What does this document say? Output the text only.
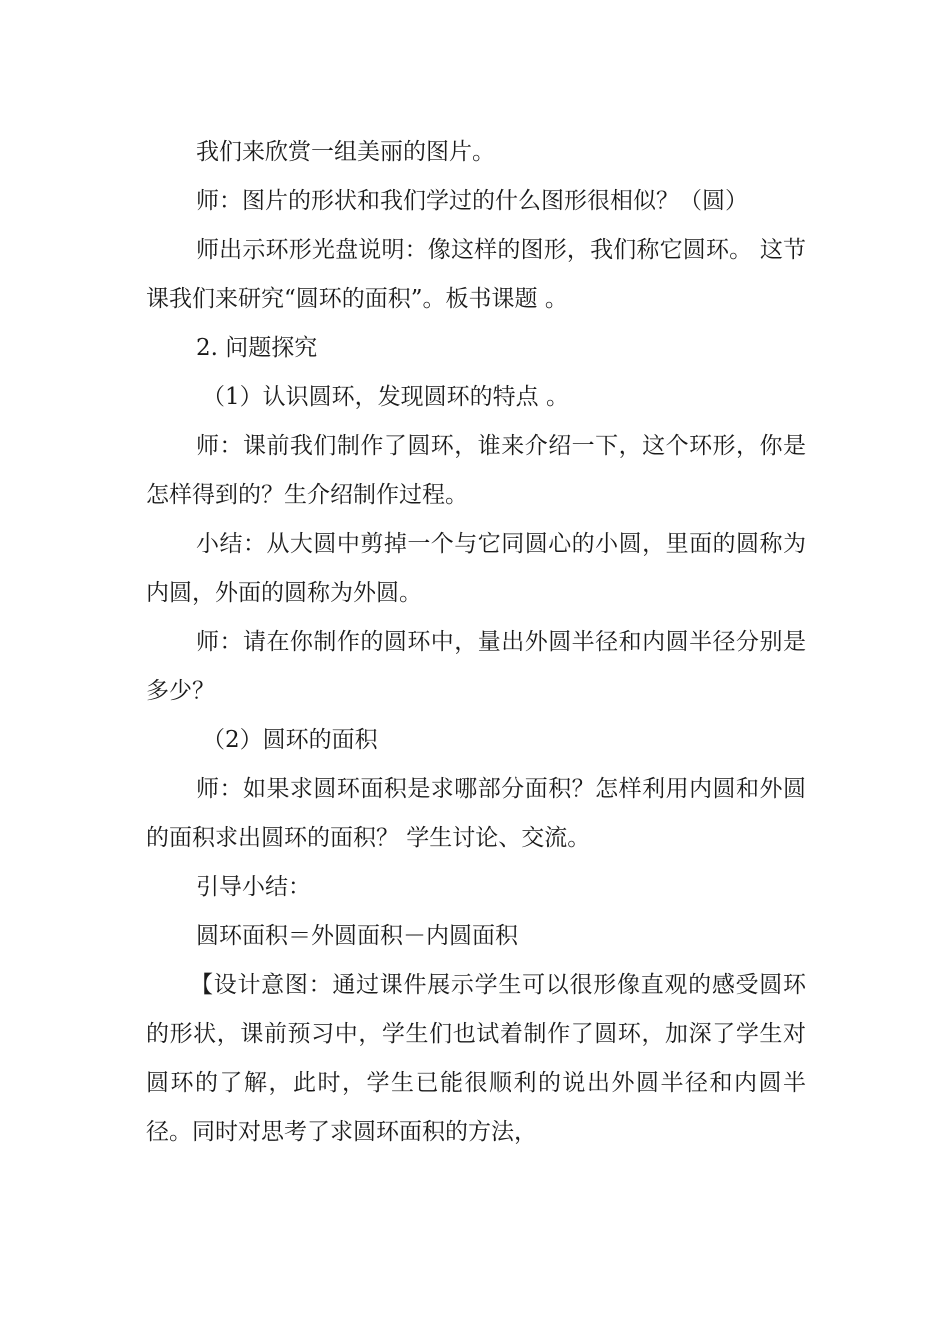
我们来欣赏一组美丽的图片。

师：图片的形状和我们学过的什么图形很相似？（圆）

师出示环形光盘说明：像这样的图形，我们称它圆环。 这节课我们来研究“圆环的面积”。板书课题 。

2. 问题探究

（1）认识圆环，发现圆环的特点 。

师：课前我们制作了圆环，谁来介绍一下，这个环形，你是怎样得到的？生介绍制作过程。

小结：从大圆中剪掉一个与它同圆心的小圆，里面的圆称为内圆，外面的圆称为外圆。

师：请在你制作的圆环中，量出外圆半径和内圆半径分别是多少？

（2）圆环的面积

师：如果求圆环面积是求哪部分面积？怎样利用内圆和外圆的面积求出圆环的面积？ 学生讨论、交流。

引导小结：

圆环面积＝外圆面积－内圆面积

【设计意图：通过课件展示学生可以很形像直观的感受圆环的形状，课前预习中，学生们也试着制作了圆环，加深了学生对圆环的了解，此时，学生已能很顺利的说出外圆半径和内圆半径。同时对思考了求圆环面积的方法，
